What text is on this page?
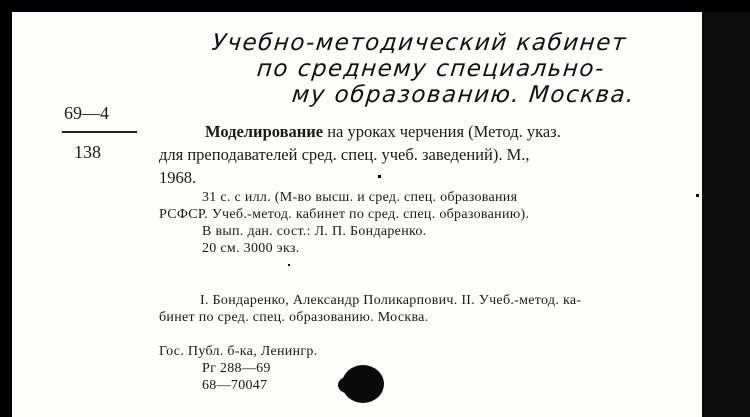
Учебно-методический кабинет
по среднему специально-
му образованию. Москва.
69—4
138
Моделирование на уроках черчения (Метод. указ.
для преподавателей сред. спец. учеб. заведений). М.,
1968.
31 с. с илл. (М-во высш. и сред. спец. образования
РСФСР. Учеб.-метод. кабинет по сред. спец. образованию).
В вып. дан. сост.: Л. П. Бондаренко.
20 см. 3000 экз.
I. Бондаренко, Александр Поликарпович. II. Учеб.-метод. ка-
бинет по сред. спец. образованию. Москва.
Гос. Публ. б-ка, Ленингр.
Рг 288—69
68—70047
